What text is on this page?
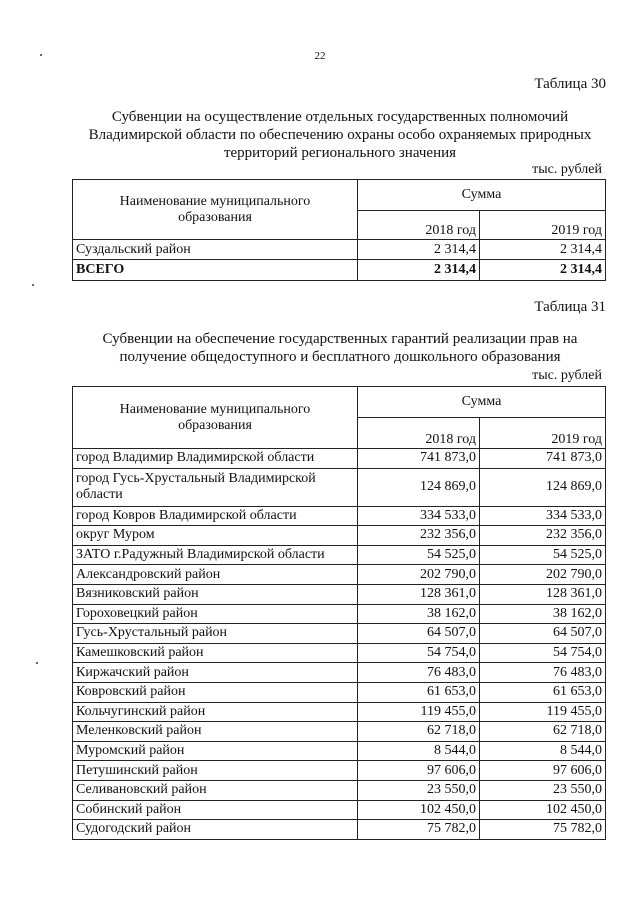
22
Таблица 30
Субвенции на осуществление отдельных государственных полномочий
Владимирской области по обеспечению охраны особо охраняемых природных
территорий регионального значения
тыс. рублей
Наименование муниципального
образования	Сумма	
	2018 год	2019 год
Суздальский район	2 314,4	2 314,4
ВСЕГО	2 314,4	2 314,4
Таблица 31
Субвенции на обеспечение государственных гарантий реализации прав на
получение общедоступного и бесплатного дошкольного образования
тыс. рублей
Наименование муниципального
образования	Сумма	
	2018 год	2019 год
город Владимир Владимирской области	741 873,0	741 873,0
город Гусь-Хрустальный Владимирской области	124 869,0	124 869,0
город Ковров Владимирской области	334 533,0	334 533,0
округ Муром	232 356,0	232 356,0
ЗАТО г.Радужный Владимирской области	54 525,0	54 525,0
Александровский район	202 790,0	202 790,0
Вязниковский район	128 361,0	128 361,0
Гороховецкий район	38 162,0	38 162,0
Гусь-Хрустальный район	64 507,0	64 507,0
Камешковский район	54 754,0	54 754,0
Киржачский район	76 483,0	76 483,0
Ковровский район	61 653,0	61 653,0
Кольчугинский район	119 455,0	119 455,0
Меленковский район	62 718,0	62 718,0
Муромский район	8 544,0	8 544,0
Петушинский район	97 606,0	97 606,0
Селивановский район	23 550,0	23 550,0
Собинский район	102 450,0	102 450,0
Судогодский район	75 782,0	75 782,0
